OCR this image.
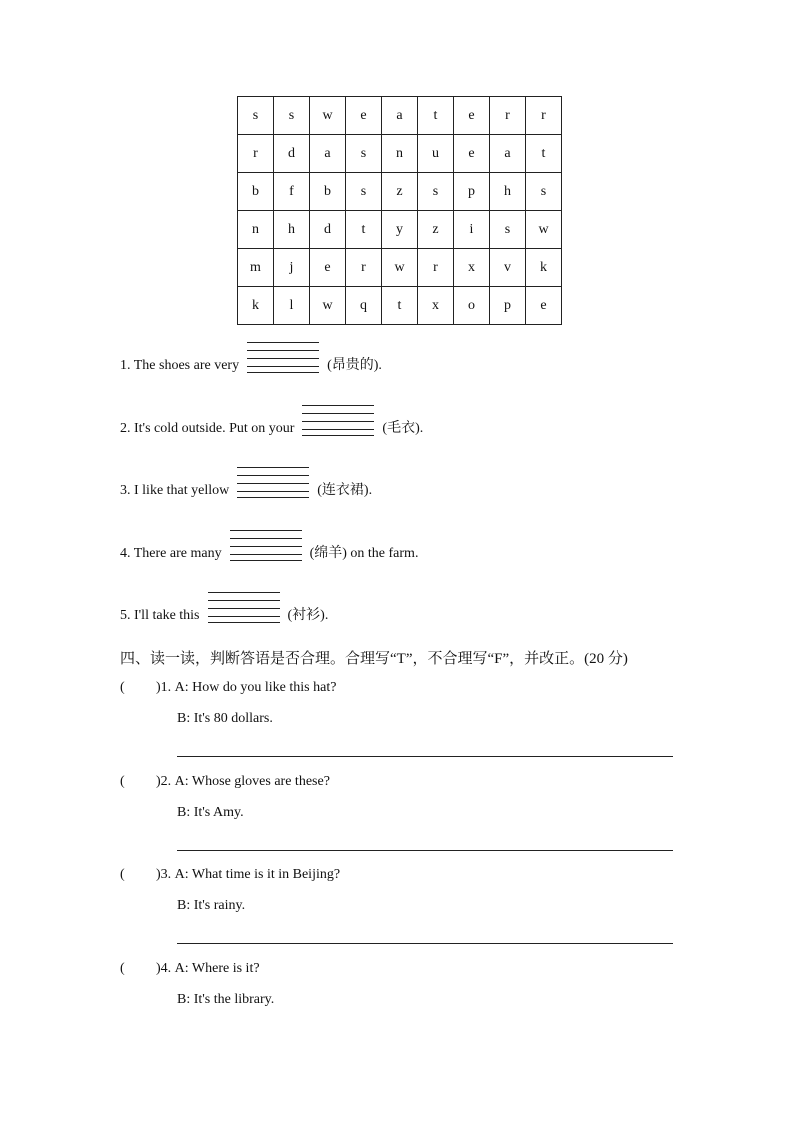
s	s	w	e	a	t	e	r	r
r	d	a	s	n	u	e	a	t
b	f	b	s	z	s	p	h	s
n	h	d	t	y	z	i	s	w
m	j	e	r	w	r	x	v	k
k	l	w	q	t	x	o	p	e
1. The shoes are very	(昂贵的).
2. It's cold outside. Put on your	(毛衣).
3. I like that yellow	(连衣裙).
4. There are many	(绵羊) on the farm.
5. I'll take this	(衬衫).
四、读一读，判断答语是否合理。合理写“T”，不合理写“F”，并改正。(20 分)
( )1. A: How do you like this hat?
B: It's 80 dollars.
( )2. A: Whose gloves are these?
B: It's Amy.
( )3. A: What time is it in Beijing?
B: It's rainy.
( )4. A: Where is it?
B: It's the library.
